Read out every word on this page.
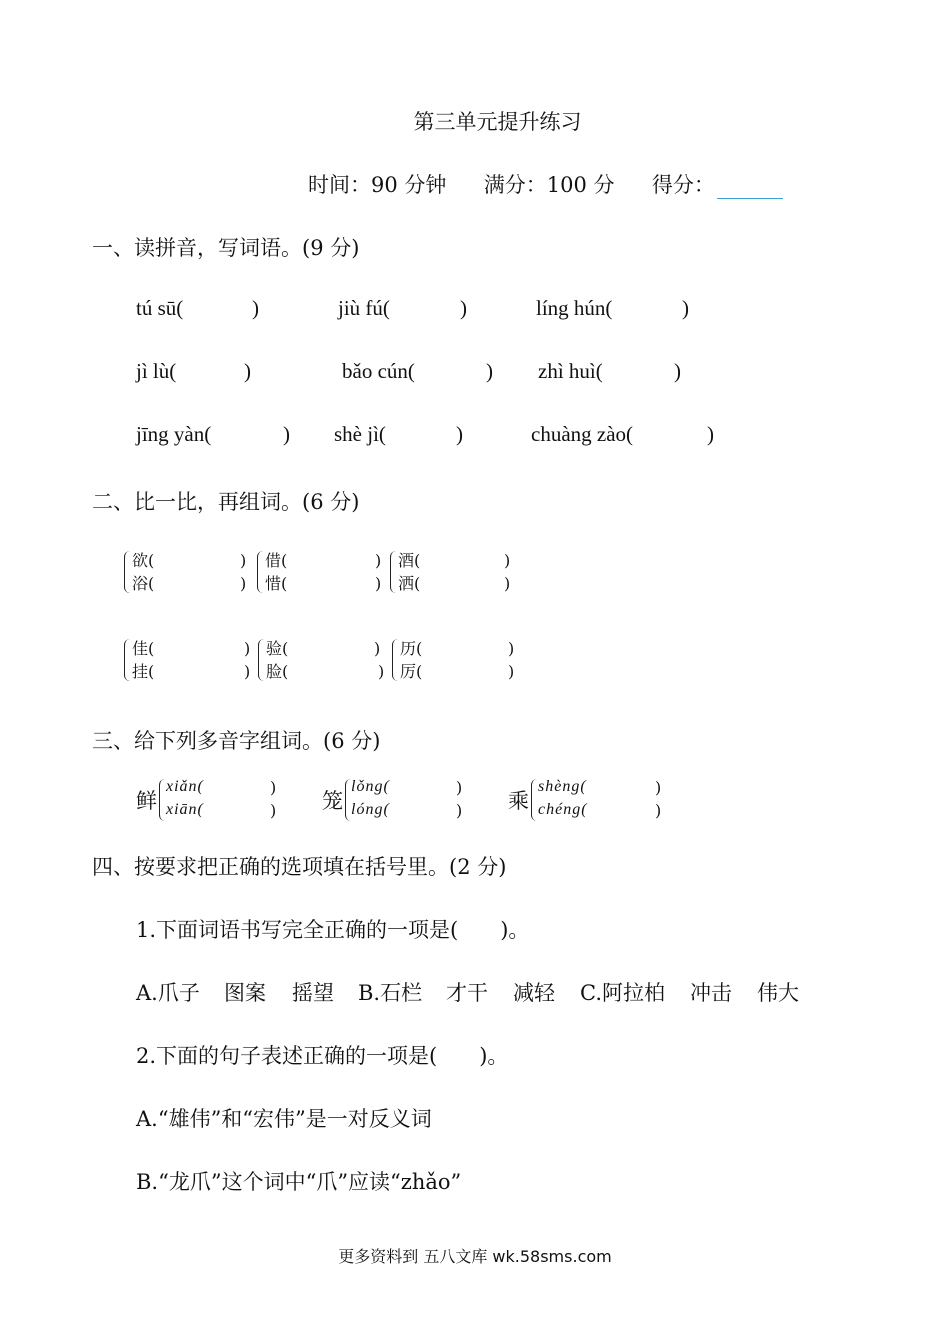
第三单元提升练习
时间：90 分钟 满分：100 分 得分：
一、读拼音，写词语。(9 分)
tú sū(	)	jiù fú(	)	líng hún(	)
jì lù(	)	bǎo cún(	) zhì huì(	)
jīng yàn(	) shè jì(	)	chuàng zào(	)
二、比一比，再组词。(6 分)
欲(	)
浴(	)
借(	)
惜(	)
酒(	)
洒(	)
佳(	)
挂(	)
验(	)
脸(	)
历(	)
厉(	)
三、给下列多音字组词。(6 分)
鲜
xiǎn(	)
xiān(	) 笼
lǒng(	)
lóng(	) 乘
shèng(	)
chéng(	)
四、按要求把正确的选项填在括号里。(2 分)
1.下面词语书写完全正确的一项是(　　)。
A.爪子 图案 摇望 B.石栏 才干 减轻 C.阿拉柏 冲击 伟大
2.下面的句子表述正确的一项是(　　)。
A.“雄伟”和“宏伟”是一对反义词
B.“龙爪”这个词中“爪”应读“zhǎo”
更多资料到 五八文库 wk.58sms.com
